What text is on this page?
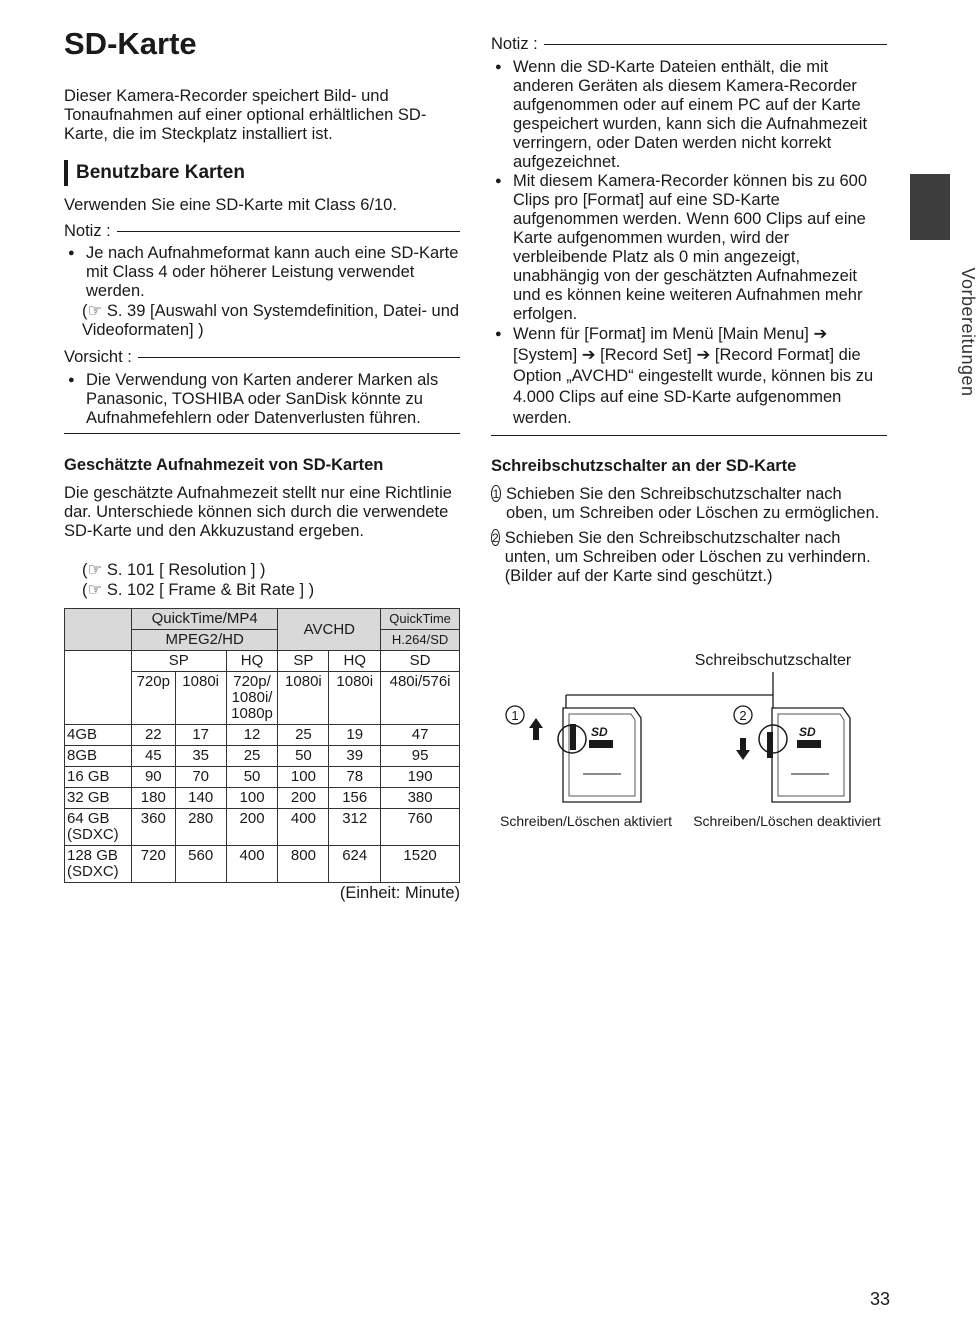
SD-Karte

Dieser Kamera-Recorder speichert Bild- und Tonaufnahmen auf einer optional erhältlichen SD-Karte, die im Steckplatz installiert ist.

Benutzbare Karten

Verwenden Sie eine SD-Karte mit Class 6/10.

Notiz :
● Je nach Aufnahmeformat kann auch eine SD-Karte mit Class 4 oder höherer Leistung verwendet werden.
(☞ S. 39 [Auswahl von Systemdefinition, Datei- und Videoformaten] )
Vorsicht :
● Die Verwendung von Karten anderer Marken als Panasonic, TOSHIBA oder SanDisk könnte zu Aufnahmefehlern oder Datenverlusten führen.
Geschätzte Aufnahmezeit von SD-Karten

Die geschätzte Aufnahmezeit stellt nur eine Richtlinie dar. Unterschiede können sich durch die verwendete SD-Karte und den Akkuzustand ergeben.

(☞ S. 101 [ Resolution ] )
(☞ S. 102 [ Frame & Bit Rate ] )
	QuickTime/MP4			AVCHD		QuickTime
	MPEG2/HD					H.264/SD
	SP		HQ	SP	HQ	SD
	720p	1080i	720p/ 1080i/ 1080p	1080i	1080i	480i/576i
4GB	22	17	12	25	19	47
8GB	45	35	25	50	39	95
16 GB	90	70	50	100	78	190
32 GB	180	140	100	200	156	380
64 GB (SDXC)	360	280	200	400	312	760
128 GB (SDXC)	720	560	400	800	624	1520
(Einheit: Minute)
Notiz :
● Wenn die SD-Karte Dateien enthält, die mit anderen Geräten als diesem Kamera-Recorder aufgenommen oder auf einem PC auf der Karte gespeichert wurden, kann sich die Aufnahmezeit verringern, oder Daten werden nicht korrekt aufgezeichnet.
● Mit diesem Kamera-Recorder können bis zu 600 Clips pro [Format] auf eine SD-Karte aufgenommen werden. Wenn 600 Clips auf eine Karte aufgenommen wurden, wird der verbleibende Platz als 0 min angezeigt, unabhängig von der geschätzten Aufnahmezeit und es können keine weiteren Aufnahmen mehr erfolgen.
● Wenn für [Format] im Menü [Main Menu] ➔ [System] ➔ [Record Set] ➔ [Record Format] die Option „AVCHD“ eingestellt wurde, können bis zu 4.000 Clips auf eine SD-Karte aufgenommen werden.
Schreibschutzschalter an der SD-Karte
1 Schieben Sie den Schreibschutzschalter nach oben, um Schreiben oder Löschen zu ermöglichen.
2 Schieben Sie den Schreibschutzschalter nach unten, um Schreiben oder Löschen zu verhindern. (Bilder auf der Karte sind geschützt.)
Schreibschutzschalter
SD	SD
1	2
Schreiben/Löschen aktiviert Schreiben/Löschen deaktiviert
Vorbereitungen
33
